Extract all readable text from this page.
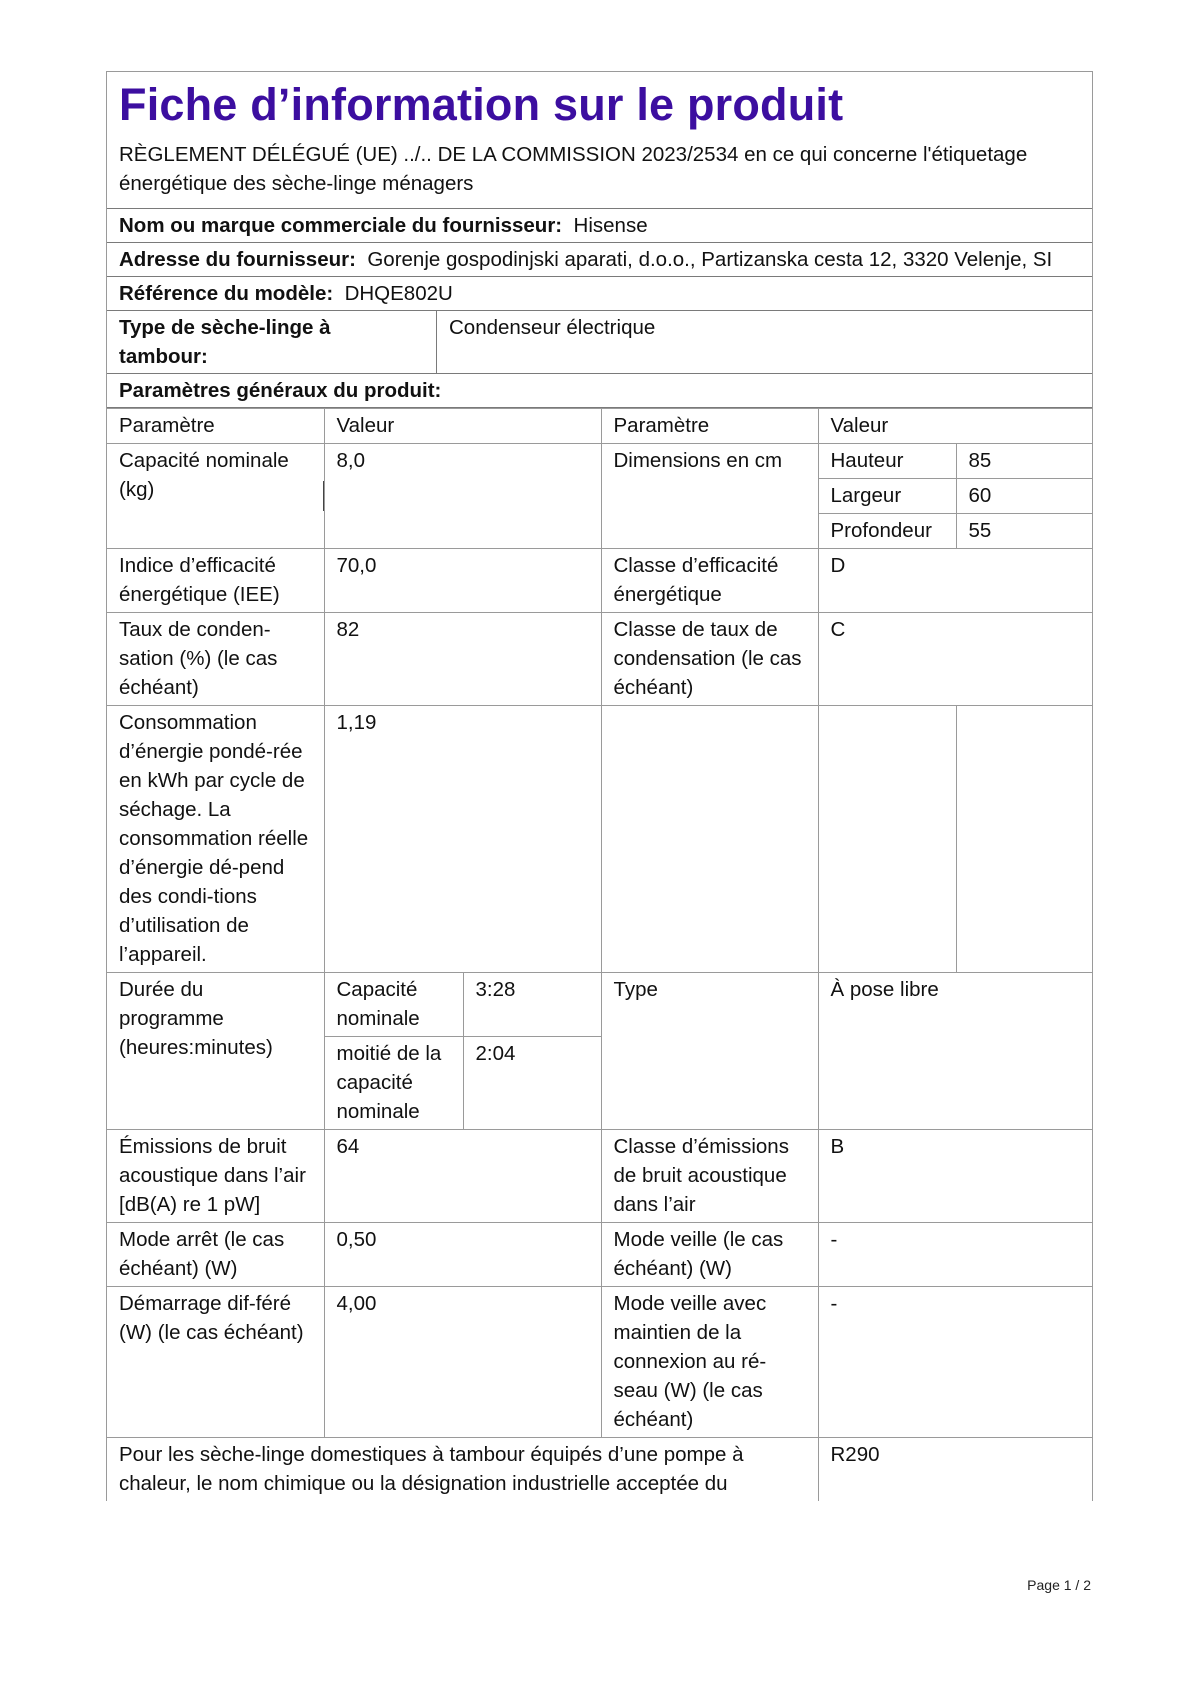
Fiche d’information sur le produit
RÈGLEMENT DÉLÉGUÉ (UE) ../.. DE LA COMMISSION 2023/2534 en ce qui concerne l'étiquetage énergétique des sèche-linge ménagers
Nom ou marque commerciale du fournisseur: Hisense
Adresse du fournisseur: Gorenje gospodinjski aparati, d.o.o., Partizanska cesta 12, 3320 Velenje, SI
Référence du modèle: DHQE802U
Type de sèche-linge à tambour:
Condenseur électrique
Paramètres généraux du produit:
Paramètre	Valeur		Paramètre	Valeur	
Capacité nominale (kg)	8,0		Dimensions en cm	Hauteur	85
				Largeur	60
				Profondeur	55
Indice d’efficacité énergétique (IEE)	70,0		Classe d’efficacité énergétique	D	
Taux de conden-sation (%) (le cas échéant)	82		Classe de taux de condensation (le cas échéant)	C	
Consommation d’énergie pondé-rée en kWh par cycle de séchage. La consommation réelle d’énergie dé-pend des condi-tions d’utilisation de l’appareil.	1,19				
Durée du programme (heures:minutes)	Capacité nominale	3:28	Type	À pose libre	
	moitié de la capacité nominale	2:04			
Émissions de bruit acoustique dans l’air [dB(A) re 1 pW]	64		Classe d’émissions de bruit acoustique dans l’air	B	
Mode arrêt (le cas échéant) (W)	0,50		Mode veille (le cas échéant) (W)	-	
Démarrage dif-féré (W) (le cas échéant)	4,00		Mode veille avec maintien de la connexion au ré-seau (W) (le cas échéant)	-	
Pour les sèche-linge domestiques à tambour équipés d’une pompe à chaleur, le nom chimique ou la désignation industrielle acceptée du				R290	
Page 1 / 2
